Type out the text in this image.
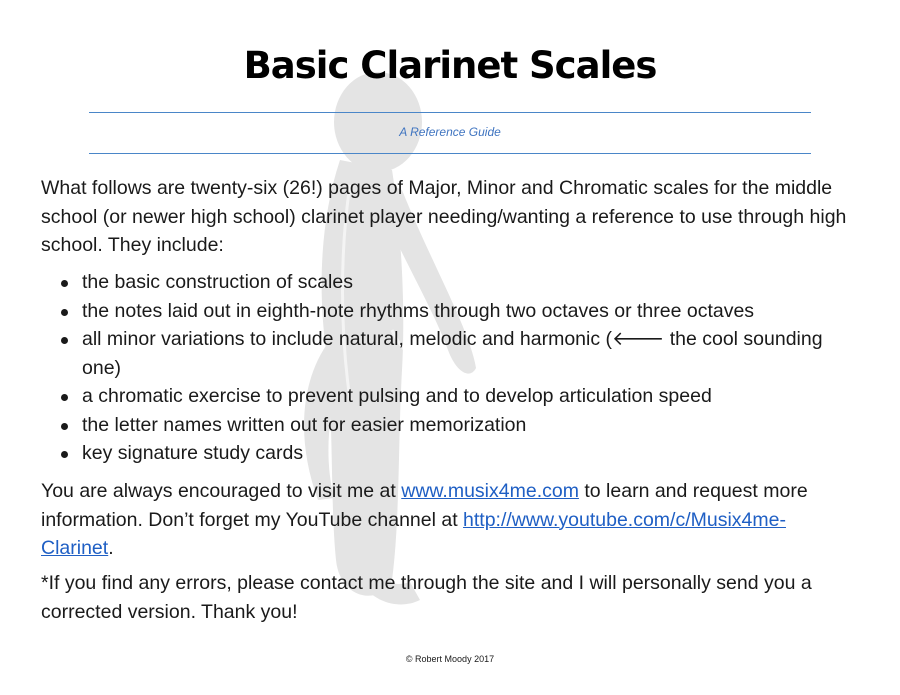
Basic Clarinet Scales
A Reference Guide

What follows are twenty-six (26!) pages of Major, Minor and Chromatic scales for the middle school (or newer high school) clarinet player needing/wanting a reference to use through high school. They include:

the basic construction of scales
the notes laid out in eighth-note rhythms through two octaves or three octaves
all minor variations to include natural, melodic and harmonic (🡐 the cool sounding one)
a chromatic exercise to prevent pulsing and to develop articulation speed
the letter names written out for easier memorization
key signature study cards

You are always encouraged to visit me at www.musix4me.com to learn and request more information. Don’t forget my YouTube channel at http://www.youtube.com/c/Musix4me-Clarinet.

*If you find any errors, please contact me through the site and I will personally send you a corrected version. Thank you!

© Robert Moody 2017
